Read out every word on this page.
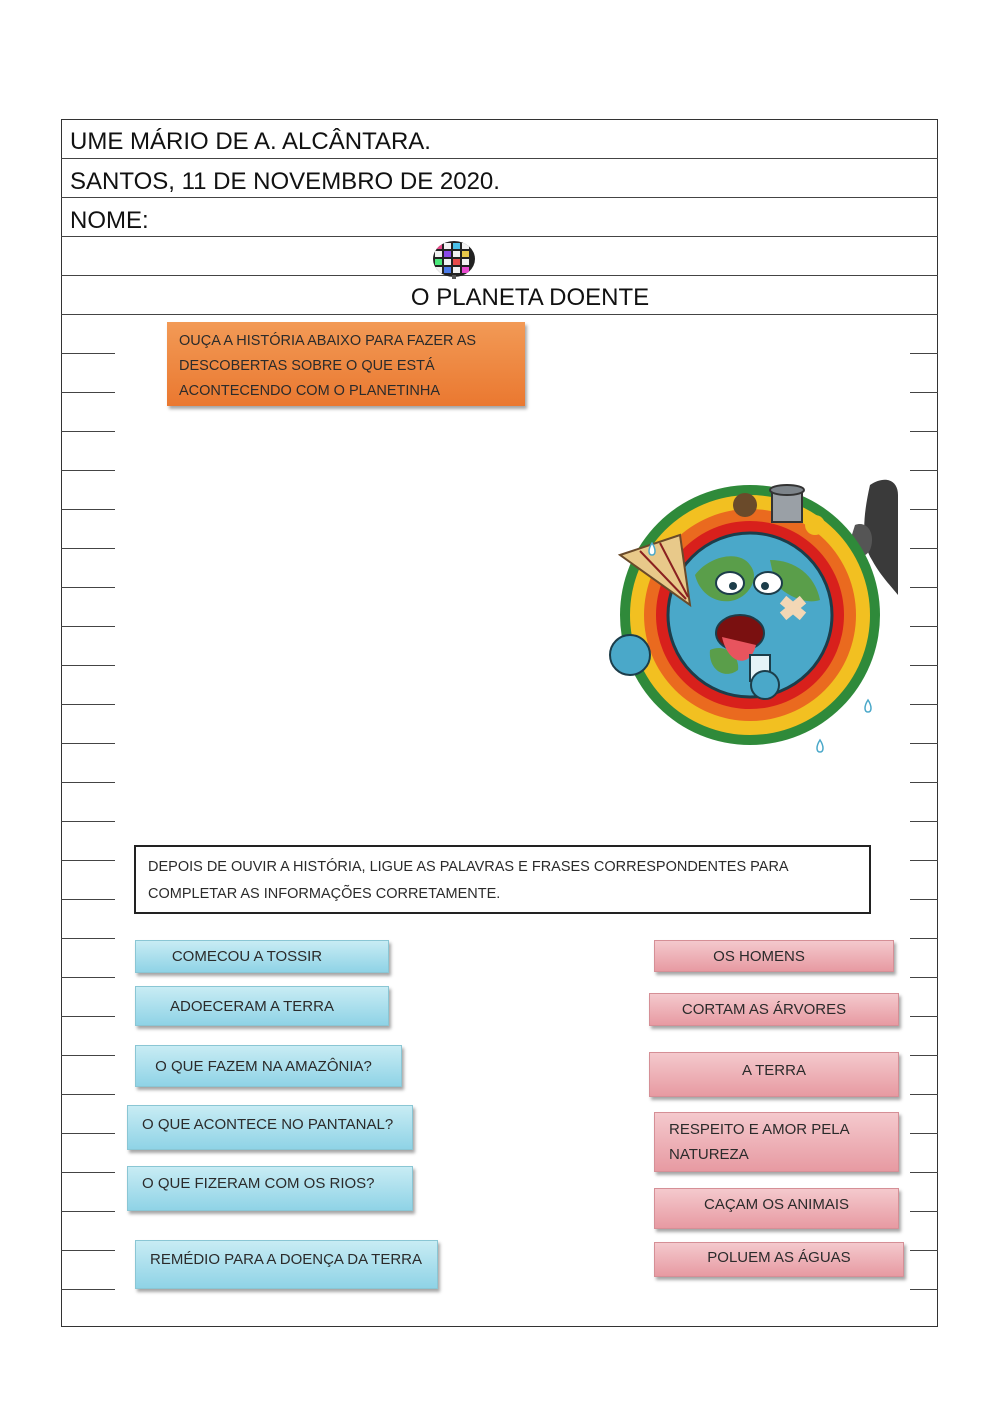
UME MÁRIO DE A. ALCÂNTARA.
SANTOS, 11 DE NOVEMBRO DE 2020.
NOME:
O PLANETA DOENTE
OUÇA A HISTÓRIA ABAIXO PARA FAZER AS
DESCOBERTAS SOBRE O QUE ESTÁ
ACONTECENDO COM O PLANETINHA
DEPOIS DE OUVIR A HISTÓRIA, LIGUE AS PALAVRAS E FRASES CORRESPONDENTES PARA
COMPLETAR AS INFORMAÇÕES CORRETAMENTE.
COMECOU A TOSSIR
ADOECERAM A TERRA
O QUE FAZEM NA AMAZÔNIA?
O QUE ACONTECE NO PANTANAL?
O QUE FIZERAM COM OS RIOS?
REMÉDIO PARA A DOENÇA DA TERRA
OS HOMENS
CORTAM AS ÁRVORES
A TERRA
RESPEITO E AMOR PELA NATUREZA
CAÇAM OS ANIMAIS
POLUEM AS ÁGUAS
